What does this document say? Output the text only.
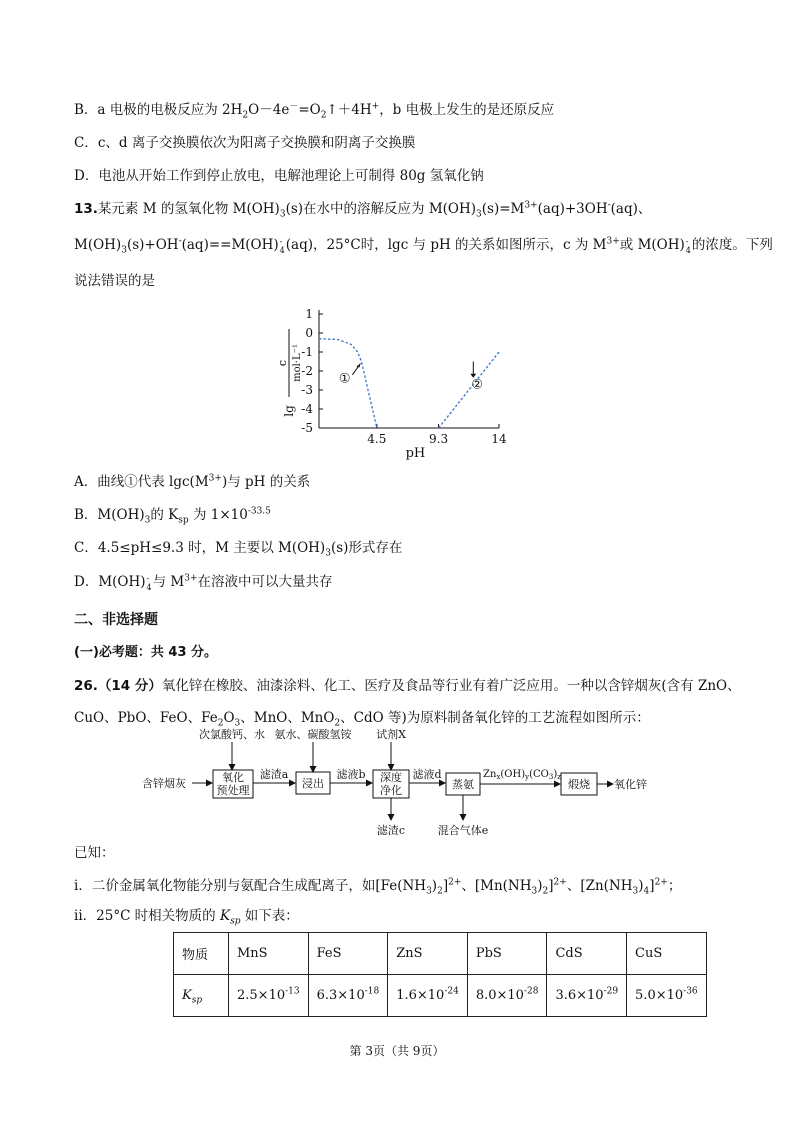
B．a 电极的电极反应为 $2H_2O-4e^-=O_2↑+4H^+$，b 电极上发生的是还原反应
C．c、d 离子交换膜依次为阳离子交换膜和阴离子交换膜
D．电池从开始工作到停止放电，电解池理论上可制得 80g 氢氧化钠
13.某元素 M 的氢氧化物 $M(OH)_3(s)$在水中的溶解反应为 $M(OH)_3(s)=M^{3+}(aq)+3OH^-(aq)$、
$M(OH)_3(s)+OH^-(aq)==M(OH)$ -
4 (aq)，25°C时，lgc 与 pH 的关系如图所示，c 为 $M^{3+}$或 M(OH) -
4 的浓度。下列
说法错误的是
1
0
-1
-2
-3
-4
-5
4.5	9.3	14
pH
lg
c mol·L⁻¹	①	②
A．曲线①代表 $\lg c(M^{3+})$与 pH 的关系
B．$M(OH)_3$的 $K_{sp}$ 为 $1\times 10^{-33.5}$
C．4.5≤pH≤9.3 时，M 主要以 $M(OH)_3(s)$形式存在
D．M(OH) -
4 与 $M^{3+}$在溶液中可以大量共存
二、非选择题
(一)必考题：共 43 分。
26.（14 分）氧化锌在橡胶、油漆涂料、化工、医疗及食品等行业有着广泛应用。一种以含锌烟灰(含有 ZnO、
CuO、PbO、FeO、$Fe_2O_3$、MnO、MnO$_2$、CdO 等)为原料制备氧化锌的工艺流程如图所示：
次氯酸钙、水 氨水、碳酸氢铵 试剂X
含锌烟灰	氧化
预处理
滤渣a
浸出
滤液b 深度
净化
滤液d
滤渣c
蒸氨
$Zn_x(OH)_y(CO_3)_z$
混合气体e
煅烧 氧化锌
已知：
i．二价金属氧化物能分别与氨配合生成配离子，如$[Fe(NH_3)_2]^{2+}$、$[Mn(NH_3)_2]^{2+}$、$[Zn(NH_3)_4]^{2+}$；
ii．25°C 时相关物质的 $K_{sp}$ 如下表：
物质	MnS	FeS	ZnS	PbS	CdS	CuS
$K_{sp}$	$2.5\times 10^{-13}$	$6.3\times 10^{-18}$	$1.6\times 10^{-24}$	$8.0\times 10^{-28}$	$3.6\times 10^{-29}$	$5.0\times 10^{-36}$
第 3页（共 9页）
